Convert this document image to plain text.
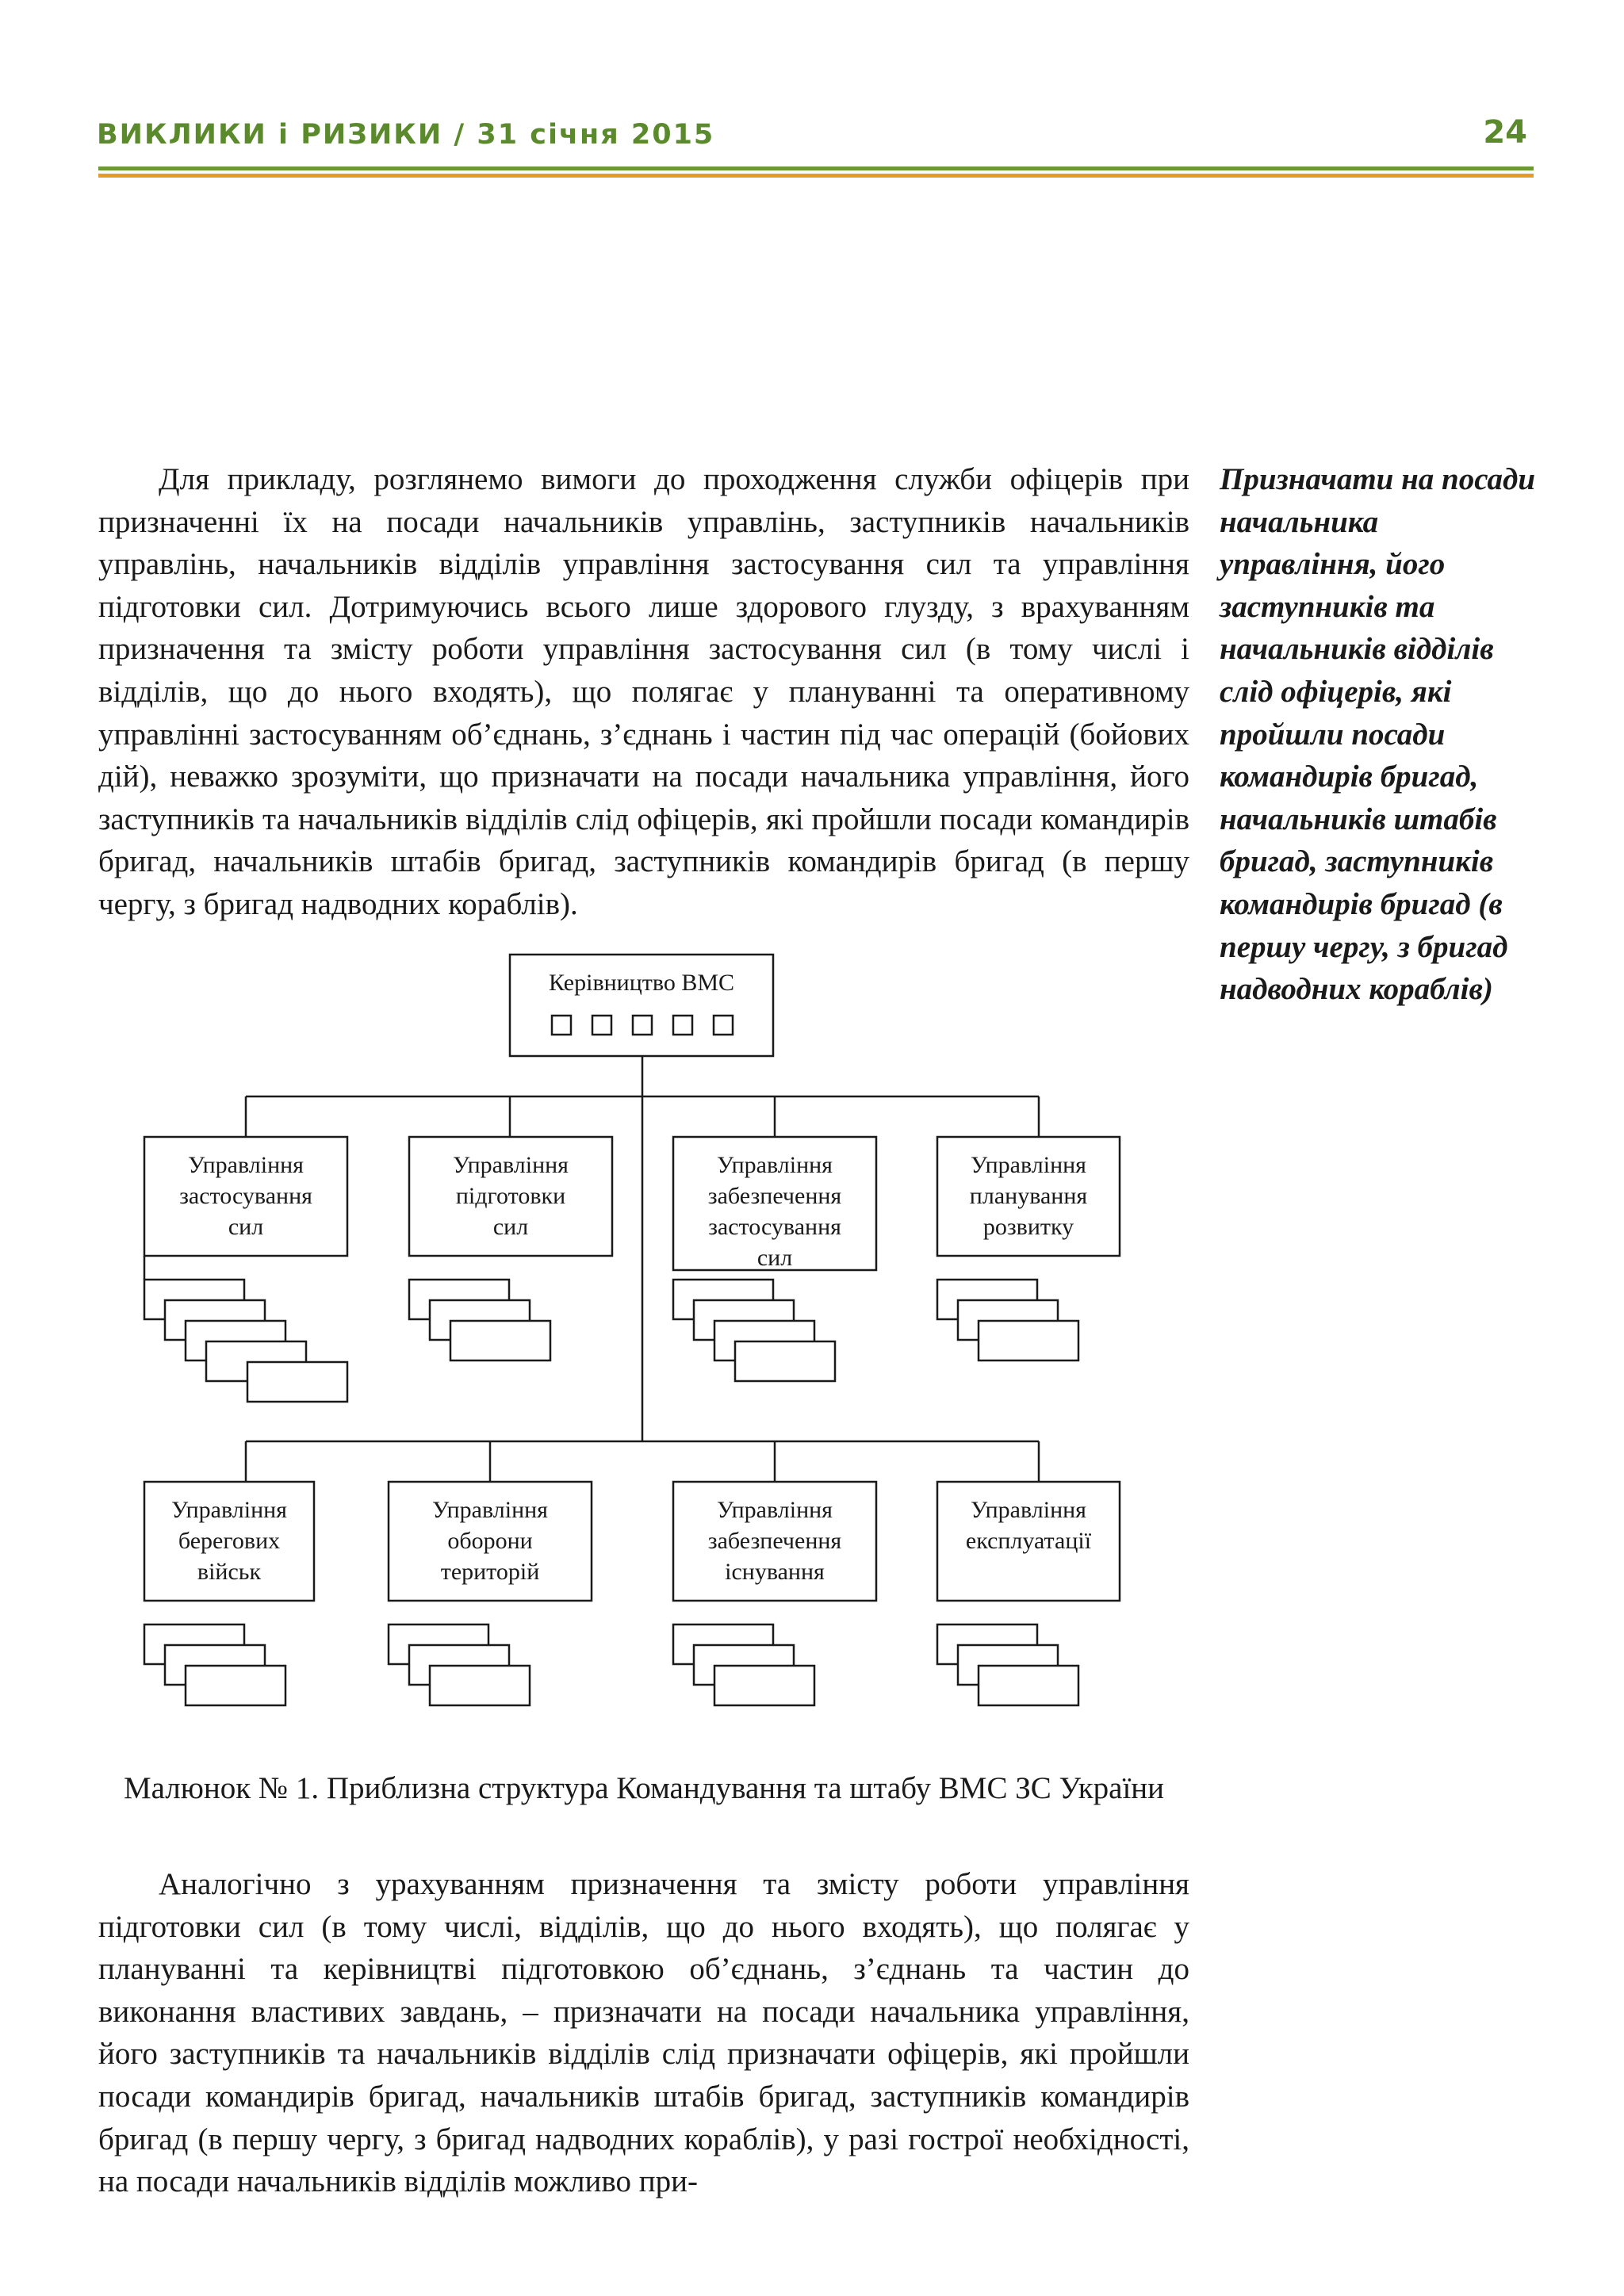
ВИКЛИКИ і РИЗИКИ / 31 січня 2015	24

Для прикладу, розглянемо вимоги до проходження служби офіцерів при призначенні їх на посади начальників управлінь, заступників начальників управлінь, начальників відділів управління застосування сил та управління підготовки сил. Дотримуючись всього лише здорового глузду, з врахуванням призначення та змісту роботи управління застосування сил (в тому числі і відділів, що до нього входять), що полягає у плануванні та оперативному управлінні застосуванням об’єднань, з’єднань і частин під час операцій (бойових дій), неважко зрозуміти, що призначати на посади начальника управління, його заступників та начальників відділів слід офіцерів, які пройшли посади командирів бригад, начальників штабів бригад, заступників командирів бригад (в першу чергу, з бригад надводних кораблів).

Призначати на посади начальника управління, його заступників та начальників відділів слід офіцерів, які пройшли посади командирів бригад, начальників штабів бригад, заступників командирів бригад (в першу чергу, з бригад надводних кораблів)

Керівництво ВМС
Управління
застосування
сил
Управління
підготовки
сил
Управління
забезпечення
застосування
сил
Управління
планування
розвитку
Управління
берегових
військ
Управління
оборони
територій
Управління
забезпечення
існування
Управління
експлуатації

Малюнок № 1. Приблизна структура Командування та штабу ВМС ЗС України

Аналогічно з урахуванням призначення та змісту роботи управління підготовки сил (в тому числі, відділів, що до нього входять), що полягає у плануванні та керівництві підготовкою об’єднань, з’єднань та частин до виконання властивих завдань, – призначати на посади начальника управління, його заступників та начальників відділів слід призначати офіцерів, які пройшли посади командирів бригад, начальників штабів бригад, заступників командирів бригад (в першу чергу, з бригад надводних кораблів), у разі гострої необхідності, на посади начальників відділів можливо при-
